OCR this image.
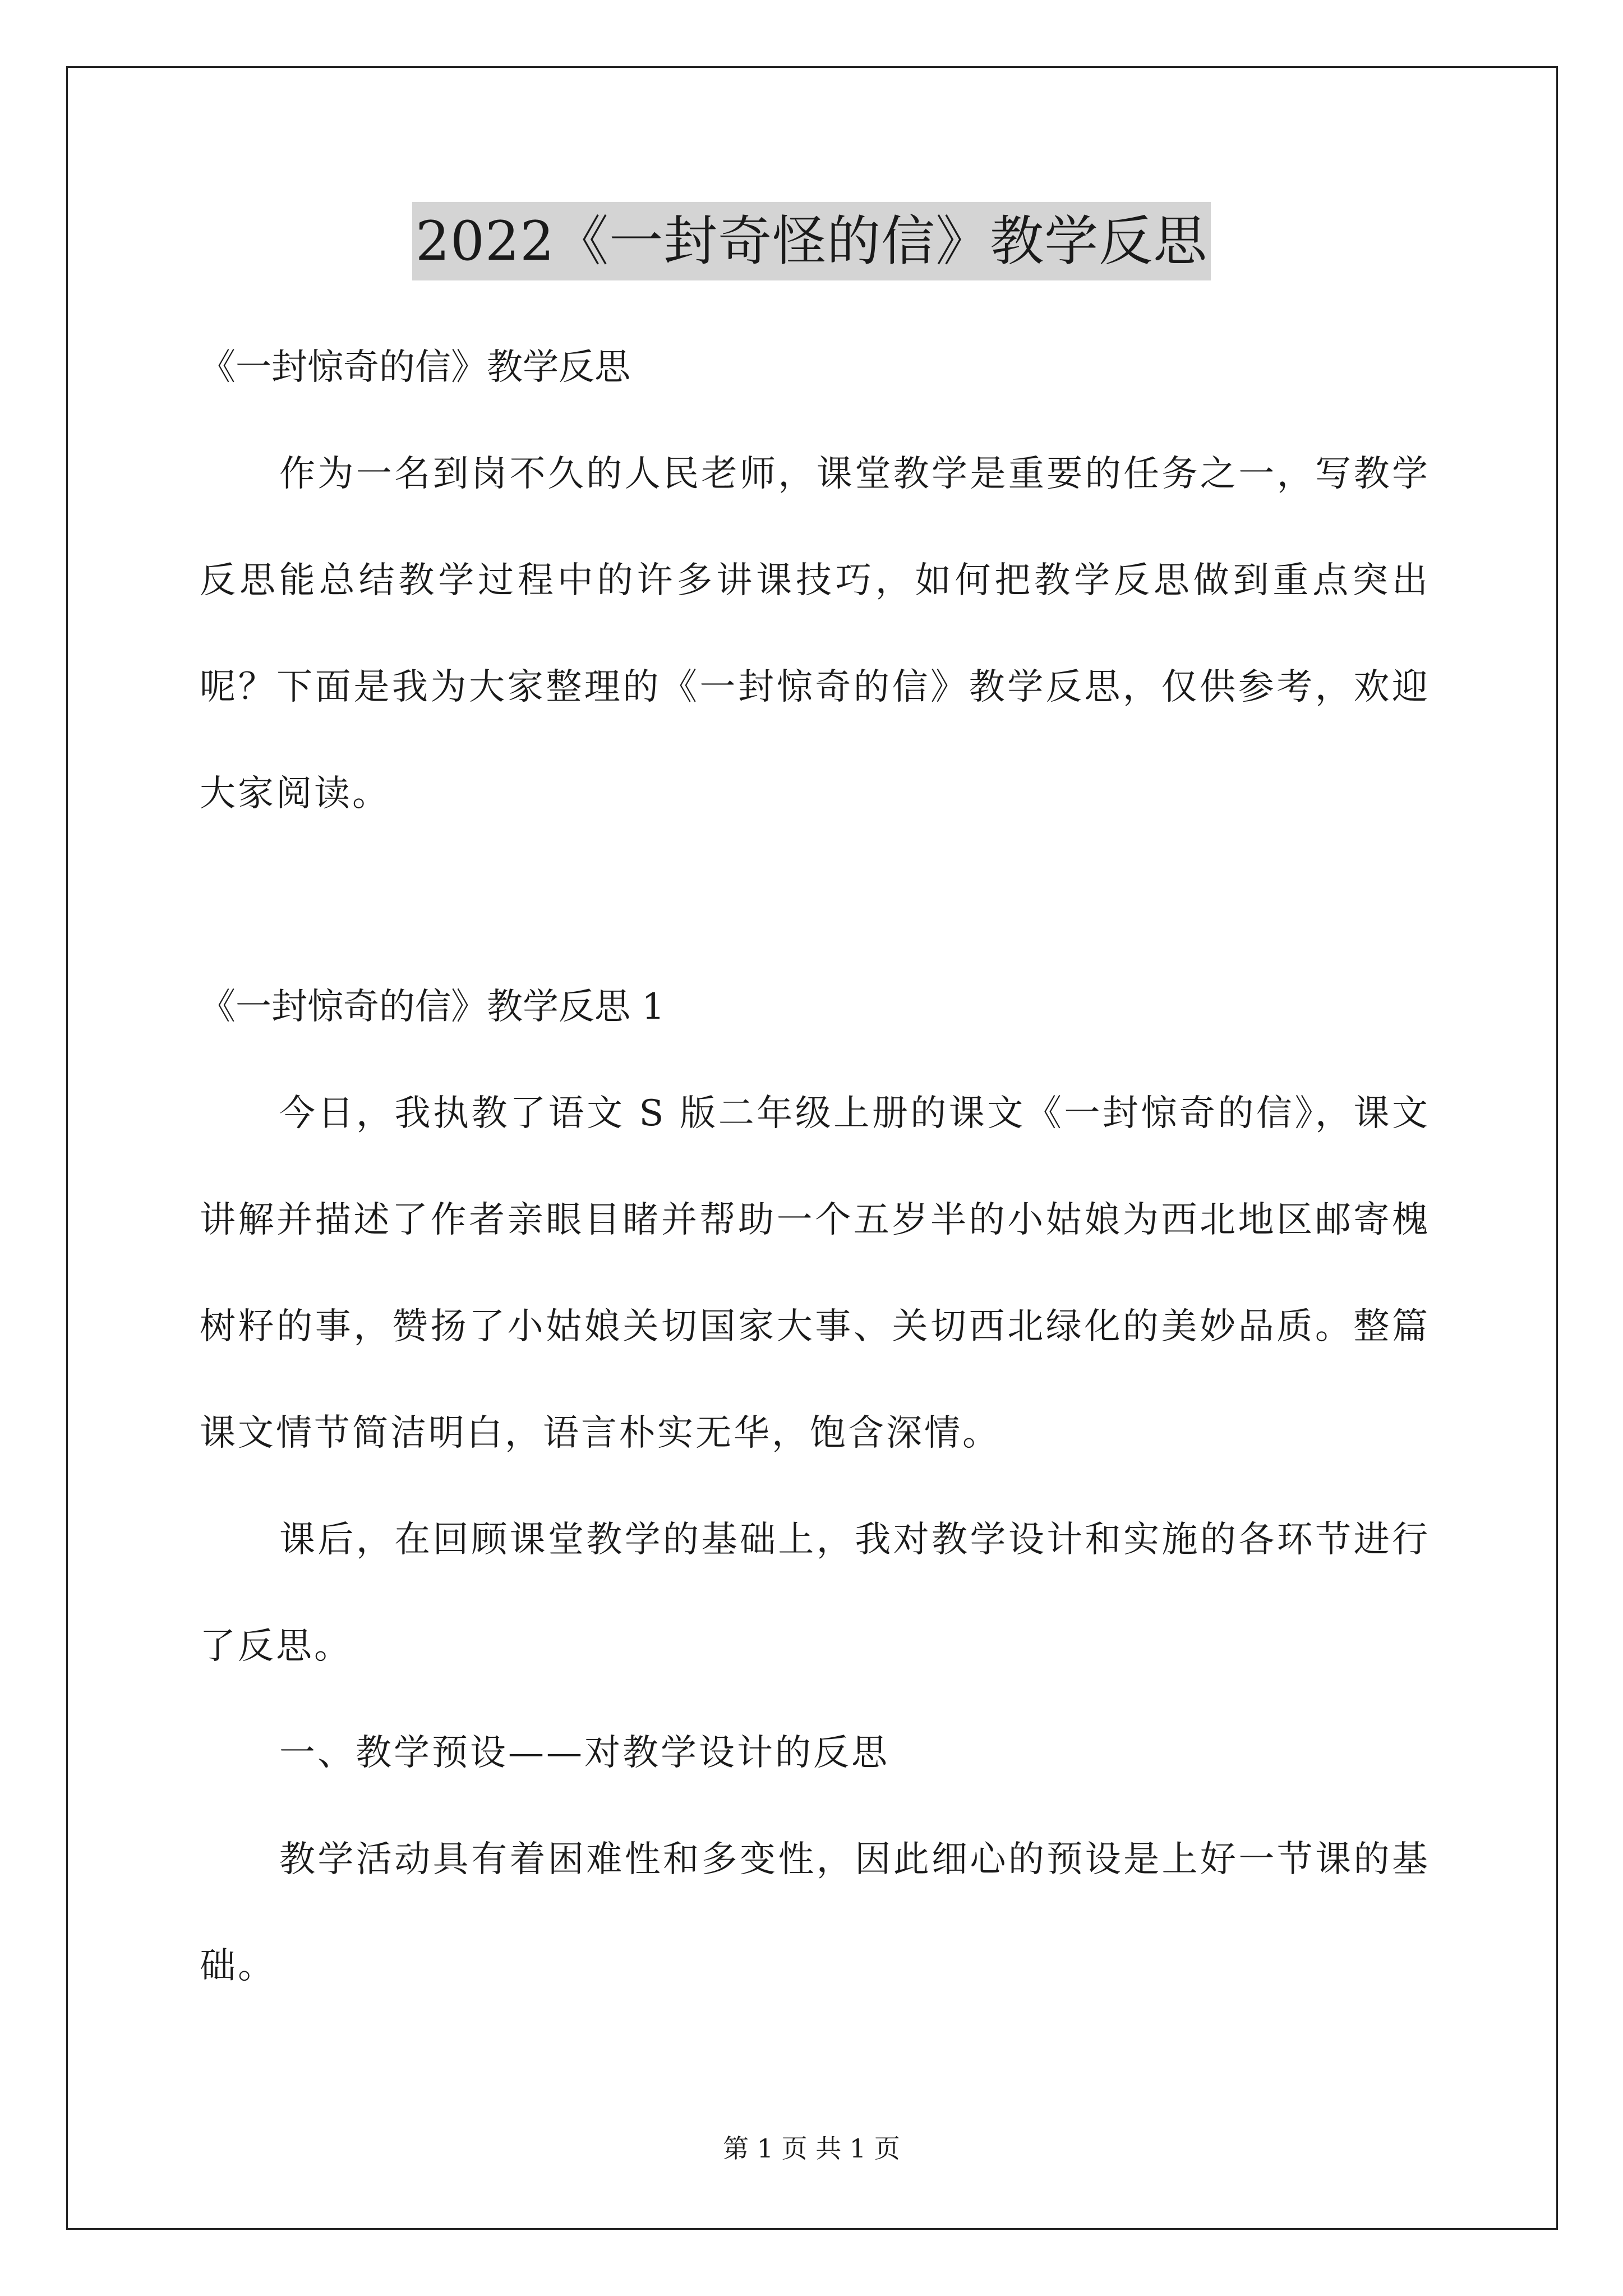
2022《一封奇怪的信》教学反思

《一封惊奇的信》教学反思

作为一名到岗不久的人民老师，课堂教学是重要的任务之一，写教学反思能总结教学过程中的许多讲课技巧，如何把教学反思做到重点突出呢？下面是我为大家整理的《一封惊奇的信》教学反思，仅供参考，欢迎大家阅读。

《一封惊奇的信》教学反思 1

今日，我执教了语文 S 版二年级上册的课文《一封惊奇的信》，课文讲解并描述了作者亲眼目睹并帮助一个五岁半的小姑娘为西北地区邮寄槐树籽的事，赞扬了小姑娘关切国家大事、关切西北绿化的美妙品质。整篇课文情节简洁明白，语言朴实无华，饱含深情。

课后，在回顾课堂教学的基础上，我对教学设计和实施的各环节进行了反思。

一、教学预设——对教学设计的反思

教学活动具有着困难性和多变性，因此细心的预设是上好一节课的基础。

第 1 页 共 1 页
